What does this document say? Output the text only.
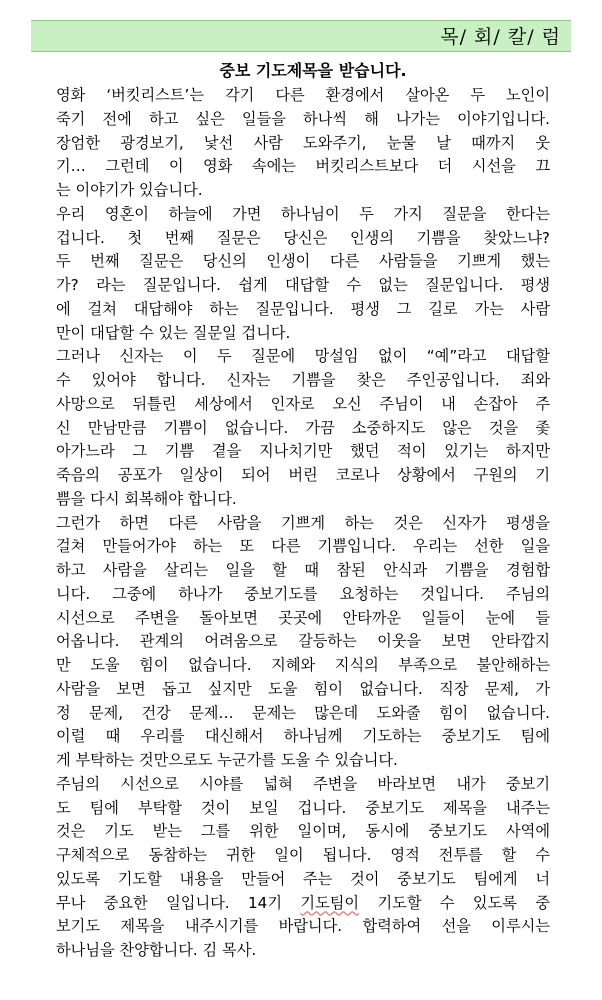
목/ 회/ 칼/ 럼
중보 기도제목을 받습니다.
영화 ‘버킷리스트’는 각기 다른 환경에서 살아온 두 노인이
죽기 전에 하고 싶은 일들을 하나씩 해 나가는 이야기입니다.
장엄한 광경보기, 낯선 사람 도와주기, 눈물 날 때까지 웃
기… 그런데 이 영화 속에는 버킷리스트보다 더 시선을 끄
는 이야기가 있습니다.
우리 영혼이 하늘에 가면 하나님이 두 가지 질문을 한다는
겁니다. 첫 번째 질문은 당신은 인생의 기쁨을 찾았느냐?
두 번째 질문은 당신의 인생이 다른 사람들을 기쁘게 했는
가? 라는 질문입니다. 쉽게 대답할 수 없는 질문입니다. 평생
에 걸쳐 대답해야 하는 질문입니다. 평생 그 길로 가는 사람
만이 대답할 수 있는 질문일 겁니다.
그러나 신자는 이 두 질문에 망설임 없이 “예”라고 대답할
수 있어야 합니다. 신자는 기쁨을 찾은 주인공입니다. 죄와
사망으로 뒤틀린 세상에서 인자로 오신 주님이 내 손잡아 주
신 만남만큼 기쁨이 없습니다. 가끔 소중하지도 않은 것을 좇
아가느라 그 기쁨 곁을 지나치기만 했던 적이 있기는 하지만
죽음의 공포가 일상이 되어 버린 코로나 상황에서 구원의 기
쁨을 다시 회복해야 합니다.
그런가 하면 다른 사람을 기쁘게 하는 것은 신자가 평생을
걸쳐 만들어가야 하는 또 다른 기쁨입니다. 우리는 선한 일을
하고 사람을 살리는 일을 할 때 참된 안식과 기쁨을 경험합
니다. 그중에 하나가 중보기도를 요청하는 것입니다. 주님의
시선으로 주변을 돌아보면 곳곳에 안타까운 일들이 눈에 들
어옵니다. 관계의 어려움으로 갈등하는 이웃을 보면 안타깝지
만 도울 힘이 없습니다. 지혜와 지식의 부족으로 불안해하는
사람을 보면 돕고 싶지만 도울 힘이 없습니다. 직장 문제, 가
정 문제, 건강 문제… 문제는 많은데 도와줄 힘이 없습니다.
이럴 때 우리를 대신해서 하나님께 기도하는 중보기도 팀에
게 부탁하는 것만으로도 누군가를 도울 수 있습니다.
주님의 시선으로 시야를 넓혀 주변을 바라보면 내가 중보기
도 팀에 부탁할 것이 보일 겁니다. 중보기도 제목을 내주는
것은 기도 받는 그를 위한 일이며, 동시에 중보기도 사역에
구체적으로 동참하는 귀한 일이 됩니다. 영적 전투를 할 수
있도록 기도할 내용을 만들어 주는 것이 중보기도 팀에게 너
무나 중요한 일입니다. 14기 기도팀이 기도할 수 있도록 중
보기도 제목을 내주시기를 바랍니다. 합력하여 선을 이루시는
하나님을 찬양합니다. 김 목사.
